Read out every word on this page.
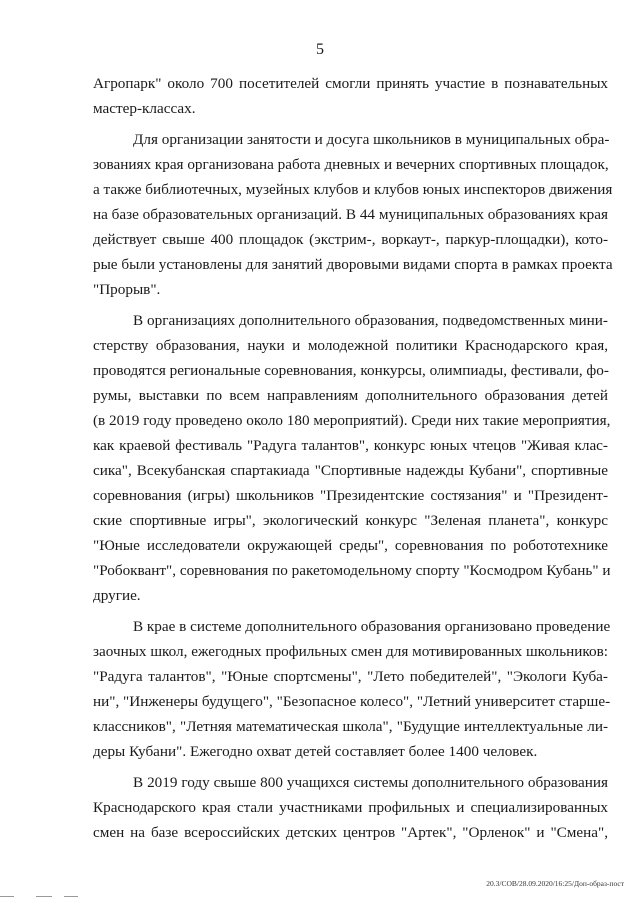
5
Агропарк" около 700 посетителей смогли принять участие в познавательных
мастер-классах.
Для организации занятости и досуга школьников в муниципальных обра-
зованиях края организована работа дневных и вечерних спортивных площадок,
а также библиотечных, музейных клубов и клубов юных инспекторов движения
на базе образовательных организаций. В 44 муниципальных образованиях края
действует свыше 400 площадок (экстрим-, воркаут-, паркур-площадки), кото-
рые были установлены для занятий дворовыми видами спорта в рамках проекта
"Прорыв".
В организациях дополнительного образования, подведомственных мини-
стерству образования, науки и молодежной политики Краснодарского края,
проводятся региональные соревнования, конкурсы, олимпиады, фестивали, фо-
румы, выставки по всем направлениям дополнительного образования детей
(в 2019 году проведено около 180 мероприятий). Среди них такие мероприятия,
как краевой фестиваль "Радуга талантов", конкурс юных чтецов "Живая клас-
сика", Всекубанская спартакиада "Спортивные надежды Кубани", спортивные
соревнования (игры) школьников "Президентские состязания" и "Президент-
ские спортивные игры", экологический конкурс "Зеленая планета", конкурс
"Юные исследователи окружающей среды", соревнования по робототехнике
"Робоквант", соревнования по ракетомодельному спорту "Космодром Кубань" и
другие.
В крае в системе дополнительного образования организовано проведение
заочных школ, ежегодных профильных смен для мотивированных школьников:
"Радуга талантов", "Юные спортсмены", "Лето победителей", "Экологи Куба-
ни", "Инженеры будущего", "Безопасное колесо", "Летний университет старше-
классников", "Летняя математическая школа", "Будущие интеллектуальные ли-
деры Кубани". Ежегодно охват детей составляет более 1400 человек.
В 2019 году свыше 800 учащихся системы дополнительного образования
Краснодарского края стали участниками профильных и специализированных
смен на базе всероссийских детских центров "Артек", "Орленок" и "Смена",
20.3/СОВ/28.09.2020/16:25/Доп-образ-пост
